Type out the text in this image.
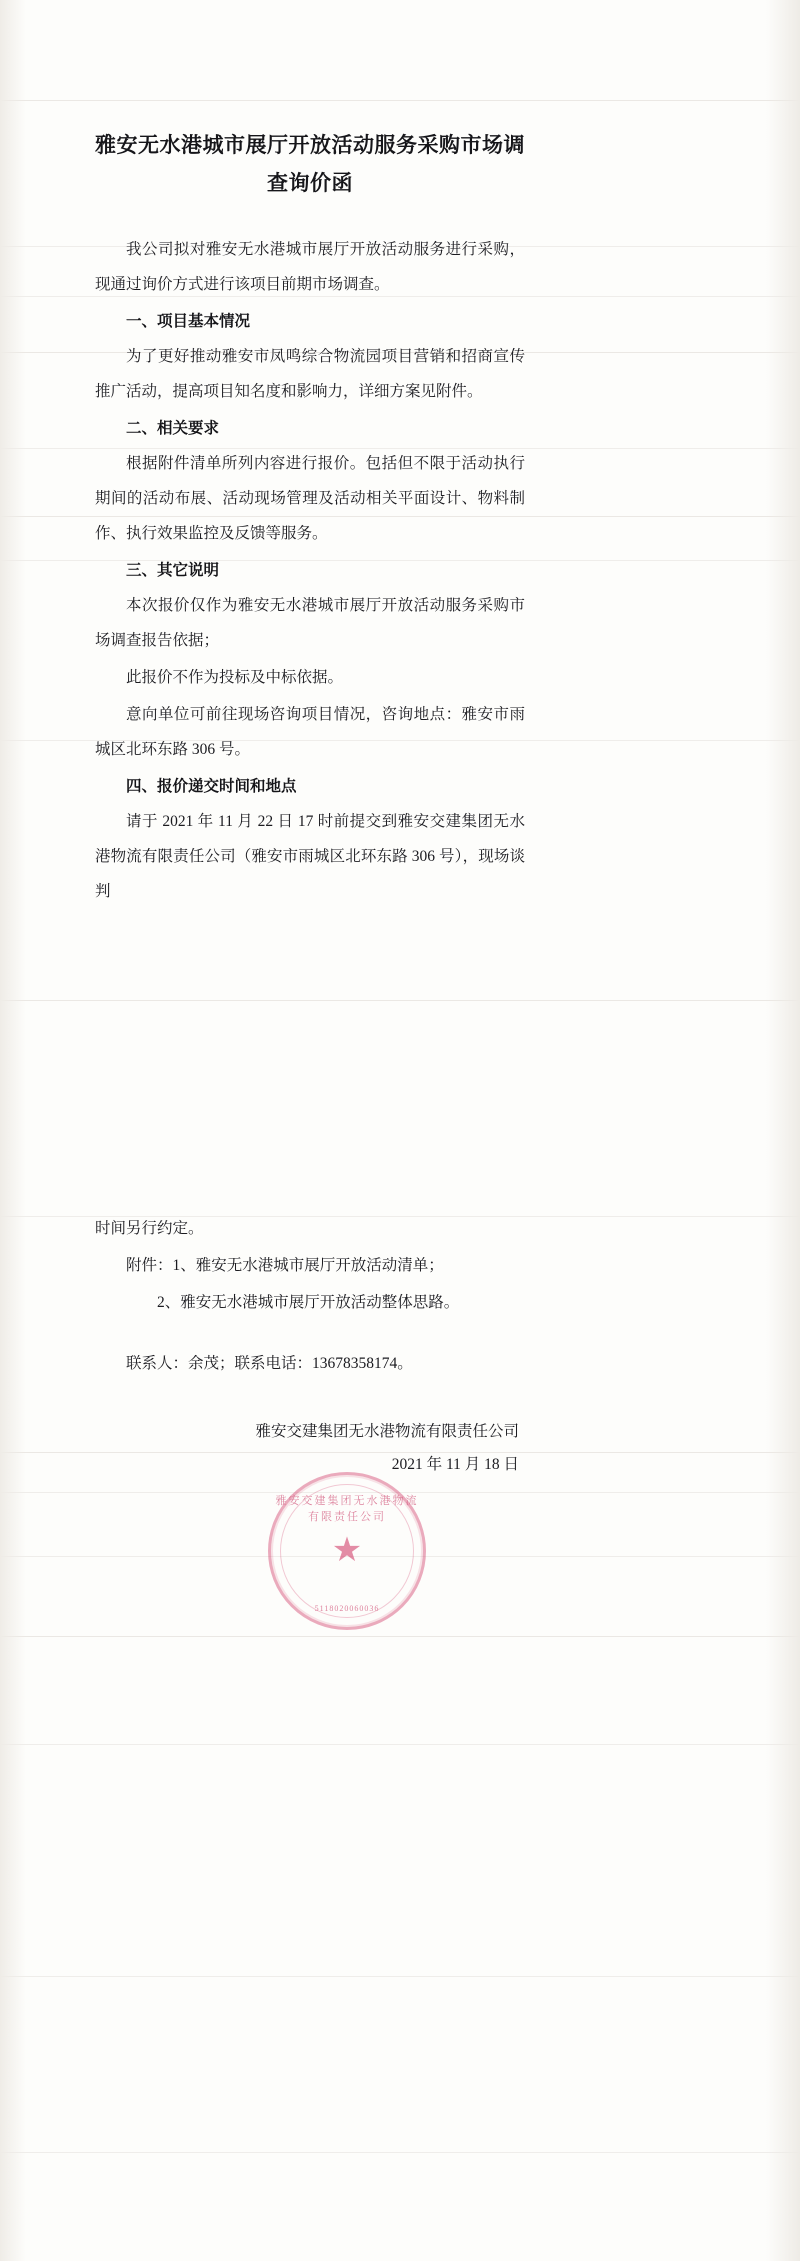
雅安无水港城市展厅开放活动服务采购市场调查询价函

我公司拟对雅安无水港城市展厅开放活动服务进行采购，现通过询价方式进行该项目前期市场调查。

一、项目基本情况

为了更好推动雅安市凤鸣综合物流园项目营销和招商宣传推广活动，提高项目知名度和影响力，详细方案见附件。

二、相关要求

根据附件清单所列内容进行报价。包括但不限于活动执行期间的活动布展、活动现场管理及活动相关平面设计、物料制作、执行效果监控及反馈等服务。

三、其它说明

本次报价仅作为雅安无水港城市展厅开放活动服务采购市场调查报告依据；

此报价不作为投标及中标依据。

意向单位可前往现场咨询项目情况，咨询地点：雅安市雨城区北环东路 306 号。

四、报价递交时间和地点

请于 2021 年 11 月 22 日 17 时前提交到雅安交建集团无水港物流有限责任公司（雅安市雨城区北环东路 306 号），现场谈判

时间另行约定。

附件：1、雅安无水港城市展厅开放活动清单；

2、雅安无水港城市展厅开放活动整体思路。

联系人：余茂；联系电话：13678358174。

雅安交建集团无水港物流有限责任公司
2021 年 11 月 18 日
雅安交建集团无水港物流有限责任公司
★
5118020060036
